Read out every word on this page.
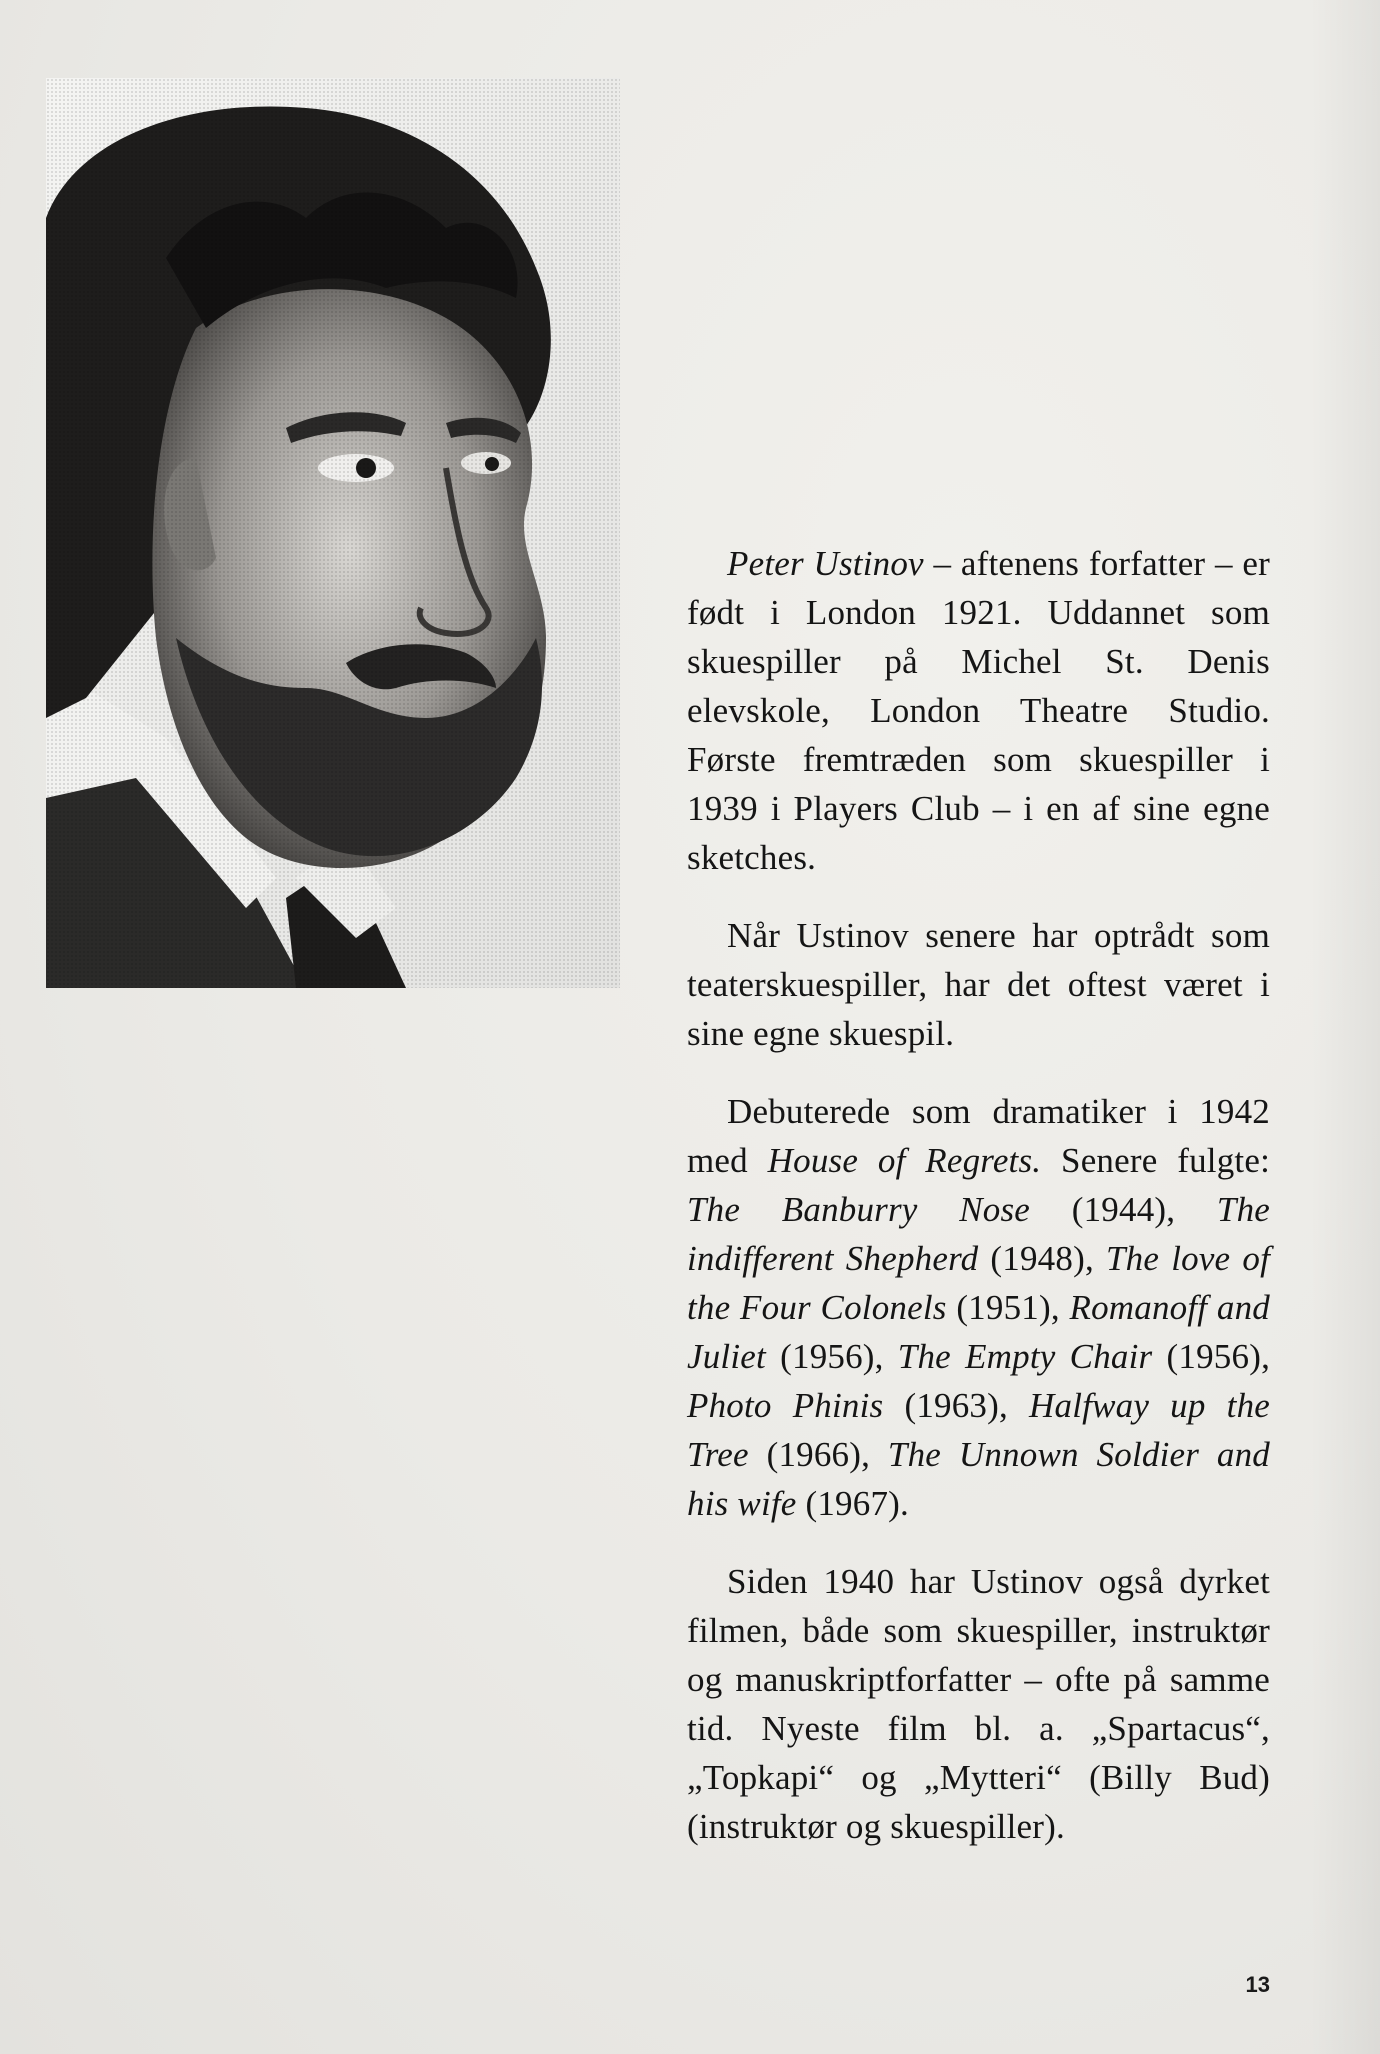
Peter Ustinov – aftenens forfatter – er født i London 1921. Uddannet som skuespiller på Michel St. Denis elevskole, London Theatre Studio. Første fremtræden som skuespiller i 1939 i Players Club – i en af sine egne sketches.

Når Ustinov senere har optrådt som teaterskuespiller, har det oftest været i sine egne skuespil.

Debuterede som dramatiker i 1942 med House of Regrets. Senere fulgte: The Banburry Nose (1944), The indifferent Shepherd (1948), The love of the Four Colonels (1951), Romanoff and Juliet (1956), The Empty Chair (1956), Photo Phinis (1963), Halfway up the Tree (1966), The Unnown Soldier and his wife (1967).

Siden 1940 har Ustinov også dyrket filmen, både som skuespiller, instruktør og manuskriptforfatter – ofte på samme tid. Nyeste film bl. a. „Spartacus“, „Topkapi“ og „Mytteri“ (Billy Bud) (instruktør og skuespiller).

13
